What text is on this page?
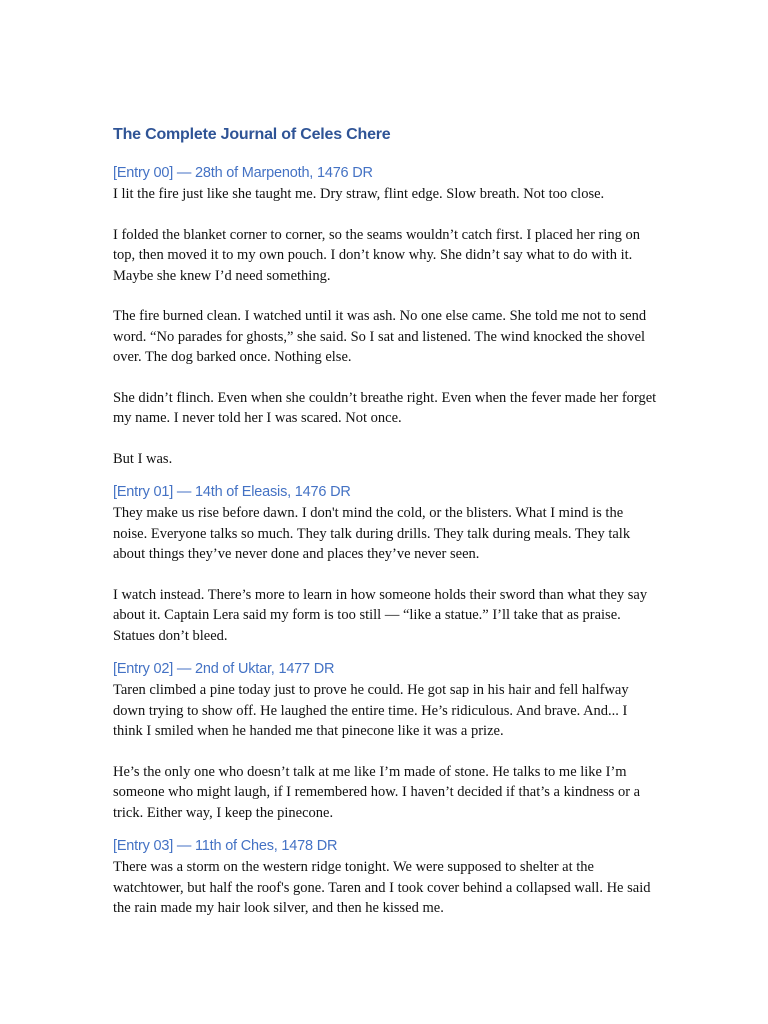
The Complete Journal of Celes Chere
[Entry 00] — 28th of Marpenoth, 1476 DR

I lit the fire just like she taught me. Dry straw, flint edge. Slow breath. Not too close.

I folded the blanket corner to corner, so the seams wouldn’t catch first. I placed her ring on top, then moved it to my own pouch. I don’t know why. She didn’t say what to do with it. Maybe she knew I’d need something.

The fire burned clean. I watched until it was ash. No one else came. She told me not to send word. “No parades for ghosts,” she said. So I sat and listened. The wind knocked the shovel over. The dog barked once. Nothing else.

She didn’t flinch. Even when she couldn’t breathe right. Even when the fever made her forget my name. I never told her I was scared. Not once.

But I was.

[Entry 01] — 14th of Eleasis, 1476 DR

They make us rise before dawn. I don't mind the cold, or the blisters. What I mind is the noise. Everyone talks so much. They talk during drills. They talk during meals. They talk about things they’ve never done and places they’ve never seen.

I watch instead. There’s more to learn in how someone holds their sword than what they say about it. Captain Lera said my form is too still — “like a statue.” I’ll take that as praise. Statues don’t bleed.

[Entry 02] — 2nd of Uktar, 1477 DR

Taren climbed a pine today just to prove he could. He got sap in his hair and fell halfway down trying to show off. He laughed the entire time. He’s ridiculous. And brave. And... I think I smiled when he handed me that pinecone like it was a prize.

He’s the only one who doesn’t talk at me like I’m made of stone. He talks to me like I’m someone who might laugh, if I remembered how. I haven’t decided if that’s a kindness or a trick. Either way, I keep the pinecone.

[Entry 03] — 11th of Ches, 1478 DR

There was a storm on the western ridge tonight. We were supposed to shelter at the watchtower, but half the roof's gone. Taren and I took cover behind a collapsed wall. He said the rain made my hair look silver, and then he kissed me.
